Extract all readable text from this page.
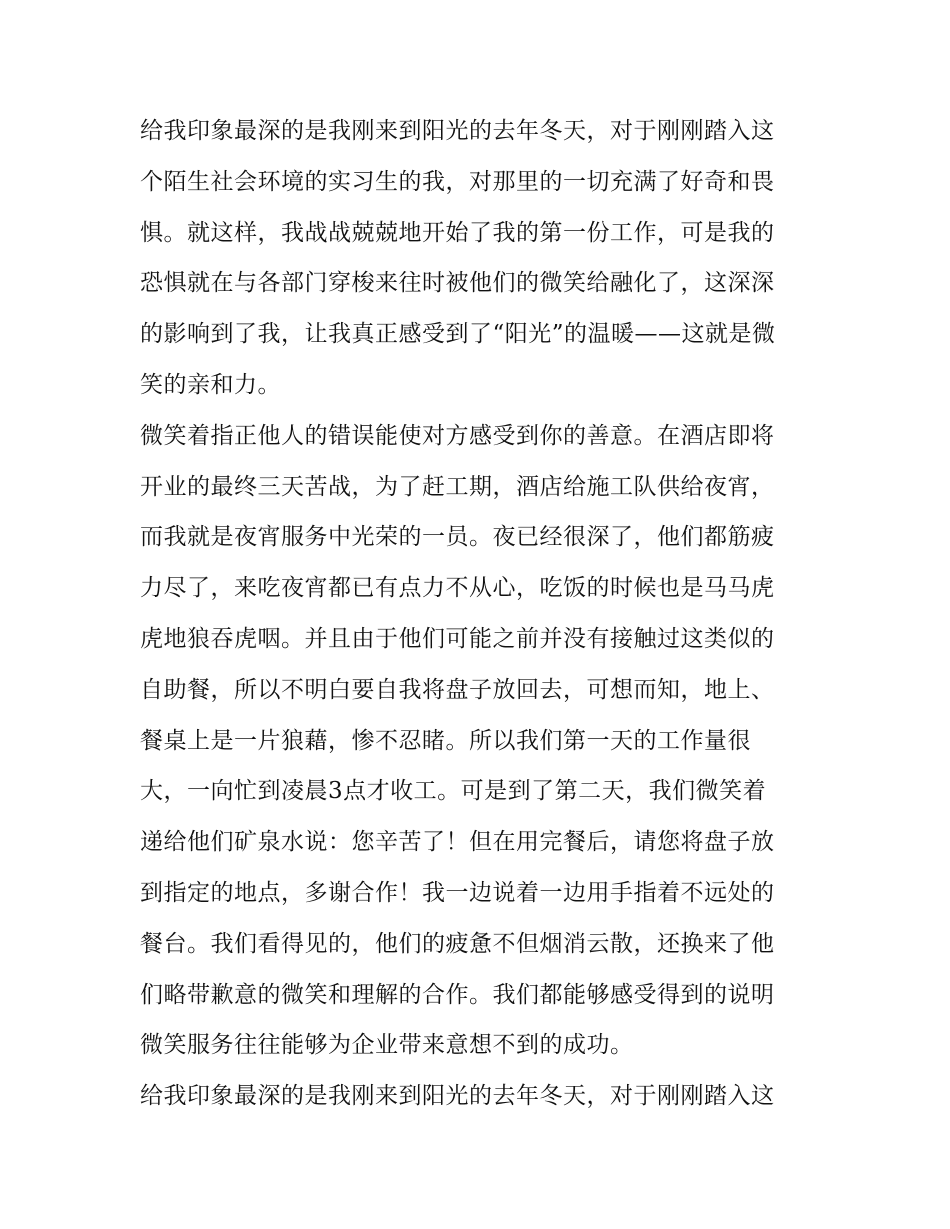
给我印象最深的是我刚来到阳光的去年冬天，对于刚刚踏入这
个陌生社会环境的实习生的我，对那里的一切充满了好奇和畏
惧。就这样，我战战兢兢地开始了我的第一份工作，可是我的
恐惧就在与各部门穿梭来往时被他们的微笑给融化了，这深深
的影响到了我，让我真正感受到了“阳光”的温暖——这就是微
笑的亲和力。
微笑着指正他人的错误能使对方感受到你的善意。在酒店即将
开业的最终三天苦战，为了赶工期，酒店给施工队供给夜宵，
而我就是夜宵服务中光荣的一员。夜已经很深了，他们都筋疲
力尽了，来吃夜宵都已有点力不从心，吃饭的时候也是马马虎
虎地狼吞虎咽。并且由于他们可能之前并没有接触过这类似的
自助餐，所以不明白要自我将盘子放回去，可想而知，地上、
餐桌上是一片狼藉，惨不忍睹。所以我们第一天的工作量很
大，一向忙到凌晨3点才收工。可是到了第二天，我们微笑着
递给他们矿泉水说：您辛苦了！但在用完餐后，请您将盘子放
到指定的地点，多谢合作！我一边说着一边用手指着不远处的
餐台。我们看得见的，他们的疲惫不但烟消云散，还换来了他
们略带歉意的微笑和理解的合作。我们都能够感受得到的说明
微笑服务往往能够为企业带来意想不到的成功。
给我印象最深的是我刚来到阳光的去年冬天，对于刚刚踏入这
